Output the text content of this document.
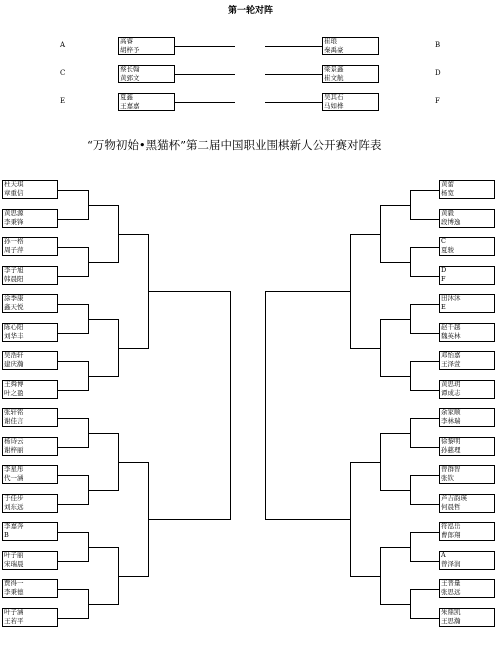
第一轮对阵
“万物初始•黑猫杯”第二届中国职业围棋新人公开赛对阵表
A	B
高睿
胡梓予
崔琅
秦禹豪
C	D
蔡长翰
黄郅文
梁景鑫
崔文航
E	F
夏鑫
王嘉嘉
吴其石
马如桦
杜天琪
章重信
黄思源
李秉锋
孙一格
周子萍
李子旭
韩晨阳
涂季康
鑫天悦
陈心阳
刘华丰
吴浩轩
建庆瀚
王舜博
叶之盈
张轩铭
谢佳言
杨诗云
谢梓丽
李星彤
代一涵
于佳步
刘东远
李嘉奔
B
叶子丽
宋瑞晨
贾得一
李秉德
叶子涵
王若平
黄蕾
杨宽
黄毅
段博逸
C
夏骏
D
F
田沐沐
E
赵千越
魏英林
邓怡嘉
王泽萱
黄思玥
谭成志
余家顺
李林瑞
徐黎明
孙慈理
曾群智
张钦
芦吉韵瑛
何晨哲
符泓岳
曹郎翔
A
曾泽润
王普量
张思远
朱鼎凯
王思瀚
